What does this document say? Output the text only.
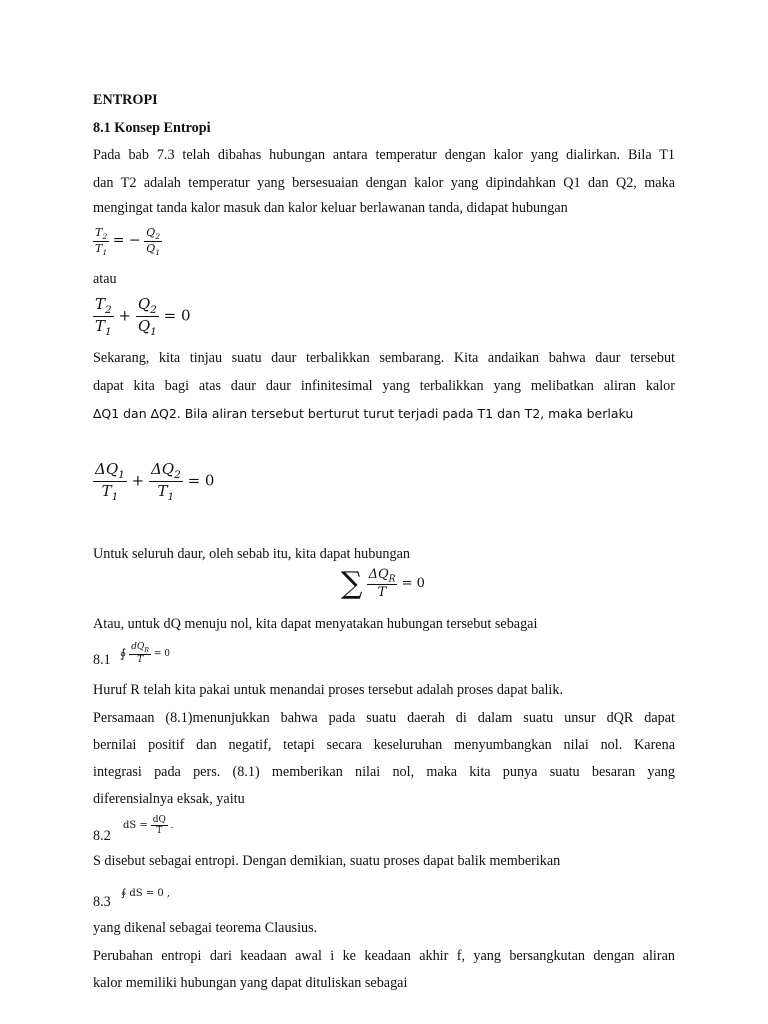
ENTROPI
8.1 Konsep Entropi
Pada bab 7.3 telah dibahas hubungan antara temperatur dengan kalor yang dialirkan. Bila T1
dan T2 adalah temperatur yang bersesuaian dengan kalor yang dipindahkan Q1 dan Q2, maka
mengingat tanda kalor masuk dan kalor keluar berlawanan tanda, didapat hubungan
$\frac{T_2}{T_1}$ = − $\frac{Q_2}{Q_1}$
atau
$\frac{T_2}{T_1} + \frac{Q_2}{Q_1} = 0$
Sekarang, kita tinjau suatu daur terbalikkan sembarang. Kita andaikan bahwa daur tersebut
dapat kita bagi atas daur daur infinitesimal yang terbalikkan yang melibatkan aliran kalor
∆Q1 dan ∆Q2. Bila aliran tersebut berturut turut terjadi pada T1 dan T2, maka berlaku
$\frac{\Delta Q_1}{T_1} + \frac{\Delta Q_2}{T_1} = 0$
Untuk seluruh daur, oleh sebab itu, kita dapat hubungan
∑ $\frac{\Delta Q_R}{T} = 0$
Atau, untuk dQ menuju nol, kita dapat menyatakan hubungan tersebut sebagai
8.1 ∮ $\frac{dQ_R}{T} = 0$
Huruf R telah kita pakai untuk menandai proses tersebut adalah proses dapat balik.
Persamaan (8.1)menunjukkan bahwa pada suatu daerah di dalam suatu unsur dQR dapat
bernilai positif dan negatif, tetapi secara keseluruhan menyumbangkan nilai nol. Karena
integrasi pada pers. (8.1) memberikan nilai nol, maka kita punya suatu besaran yang
diferensialnya eksak, yaitu
8.2
dS = $\frac{dQ}{T}$ .
S disebut sebagai entropi. Dengan demikian, suatu proses dapat balik memberikan
8.3
∮ dS = 0 ,
yang dikenal sebagai teorema Clausius.
Perubahan entropi dari keadaan awal i ke keadaan akhir f, yang bersangkutan dengan aliran
kalor memiliki hubungan yang dapat dituliskan sebagai
